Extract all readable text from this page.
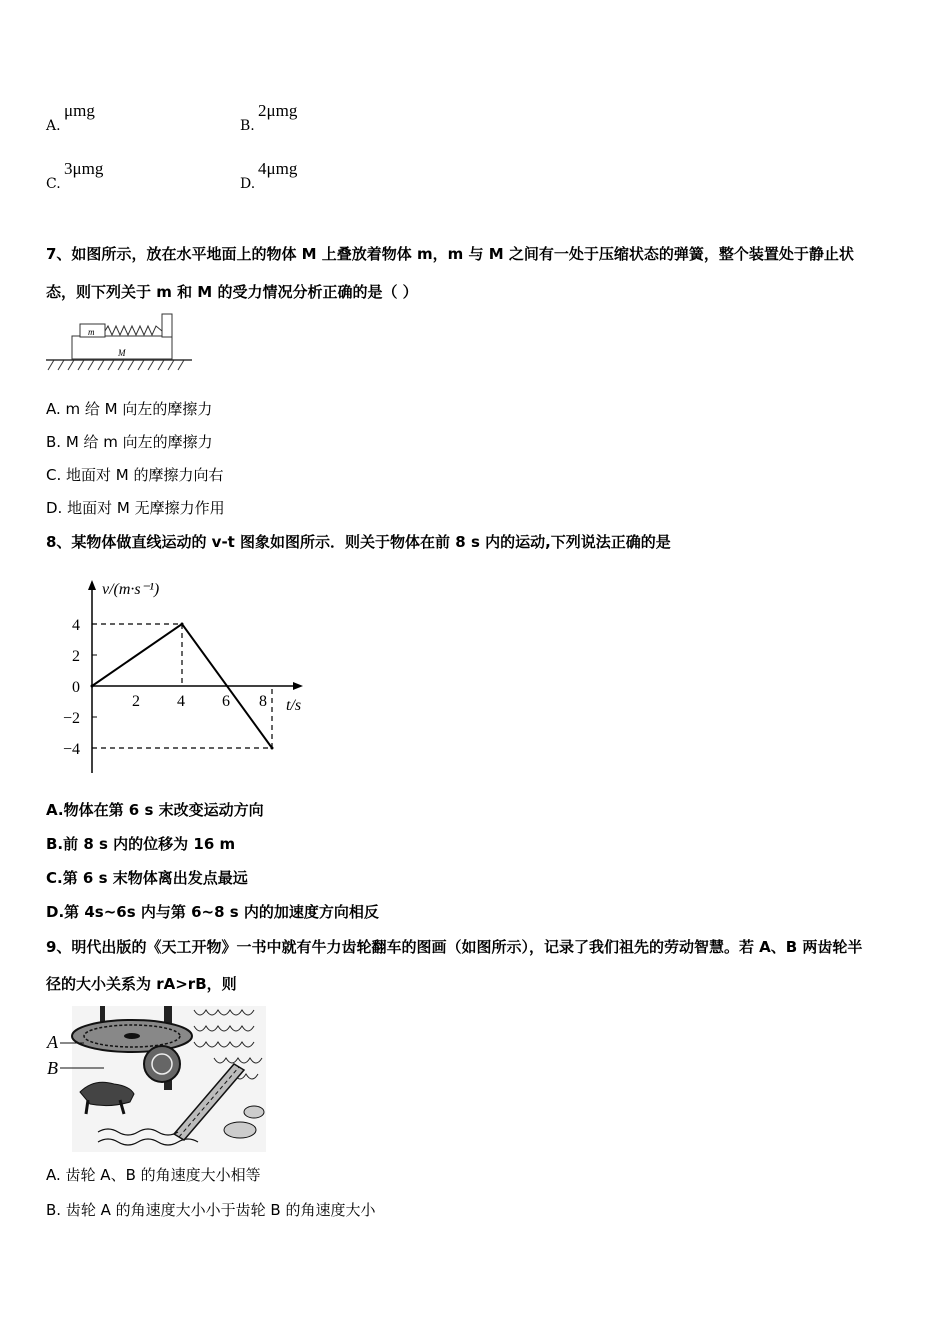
A.
μmg
B.
2μmg
C.
3μmg
D.
4μmg
7、如图所示，放在水平地面上的物体 M 上叠放着物体 m，m 与 M 之间有一处于压缩状态的弹簧，整个装置处于静止状
态，则下列关于 m 和 M 的受力情况分析正确的是（ ）
m
M
A. m 给 M 向左的摩擦力
B. M 给 m 向左的摩擦力
C. 地面对 M 的摩擦力向右
D. 地面对 M 无摩擦力作用
8、某物体做直线运动的 v-t 图象如图所示．则关于物体在前 8 s 内的运动,下列说法正确的是
v/(m·s⁻¹)
t/s
4
2
0
−2
−4
2 4 6 8
A.物体在第 6 s 末改变运动方向
B.前 8 s 内的位移为 16 m
C.第 6 s 末物体离出发点最远
D.第 4s~6s 内与第 6~8 s 内的加速度方向相反
9、明代出版的《天工开物》一书中就有牛力齿轮翻车的图画（如图所示），记录了我们祖先的劳动智慧。若 A、B 两齿轮半
径的大小关系为 rA>rB，则
A
B
A. 齿轮 A、B 的角速度大小相等
B. 齿轮 A 的角速度大小小于齿轮 B 的角速度大小
